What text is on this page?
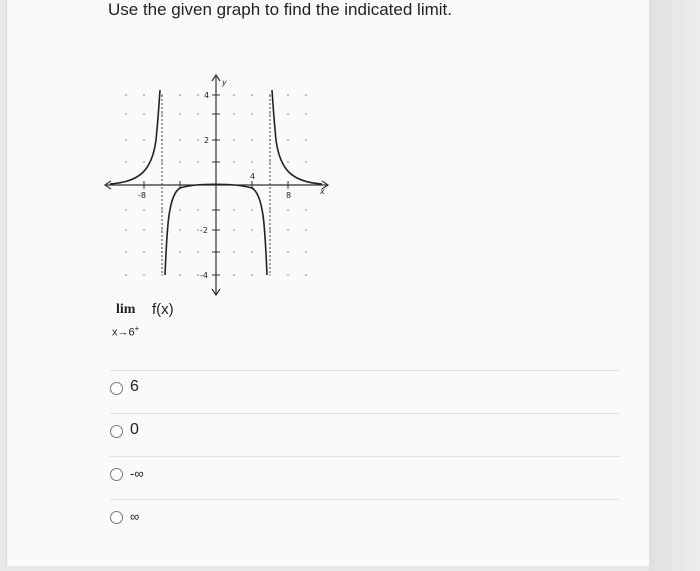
Use the given graph to find the indicated limit.
-8
4
8
4
2
-2
-4
x
y
lim f(x)
x→6+
6
0
-∞
∞
